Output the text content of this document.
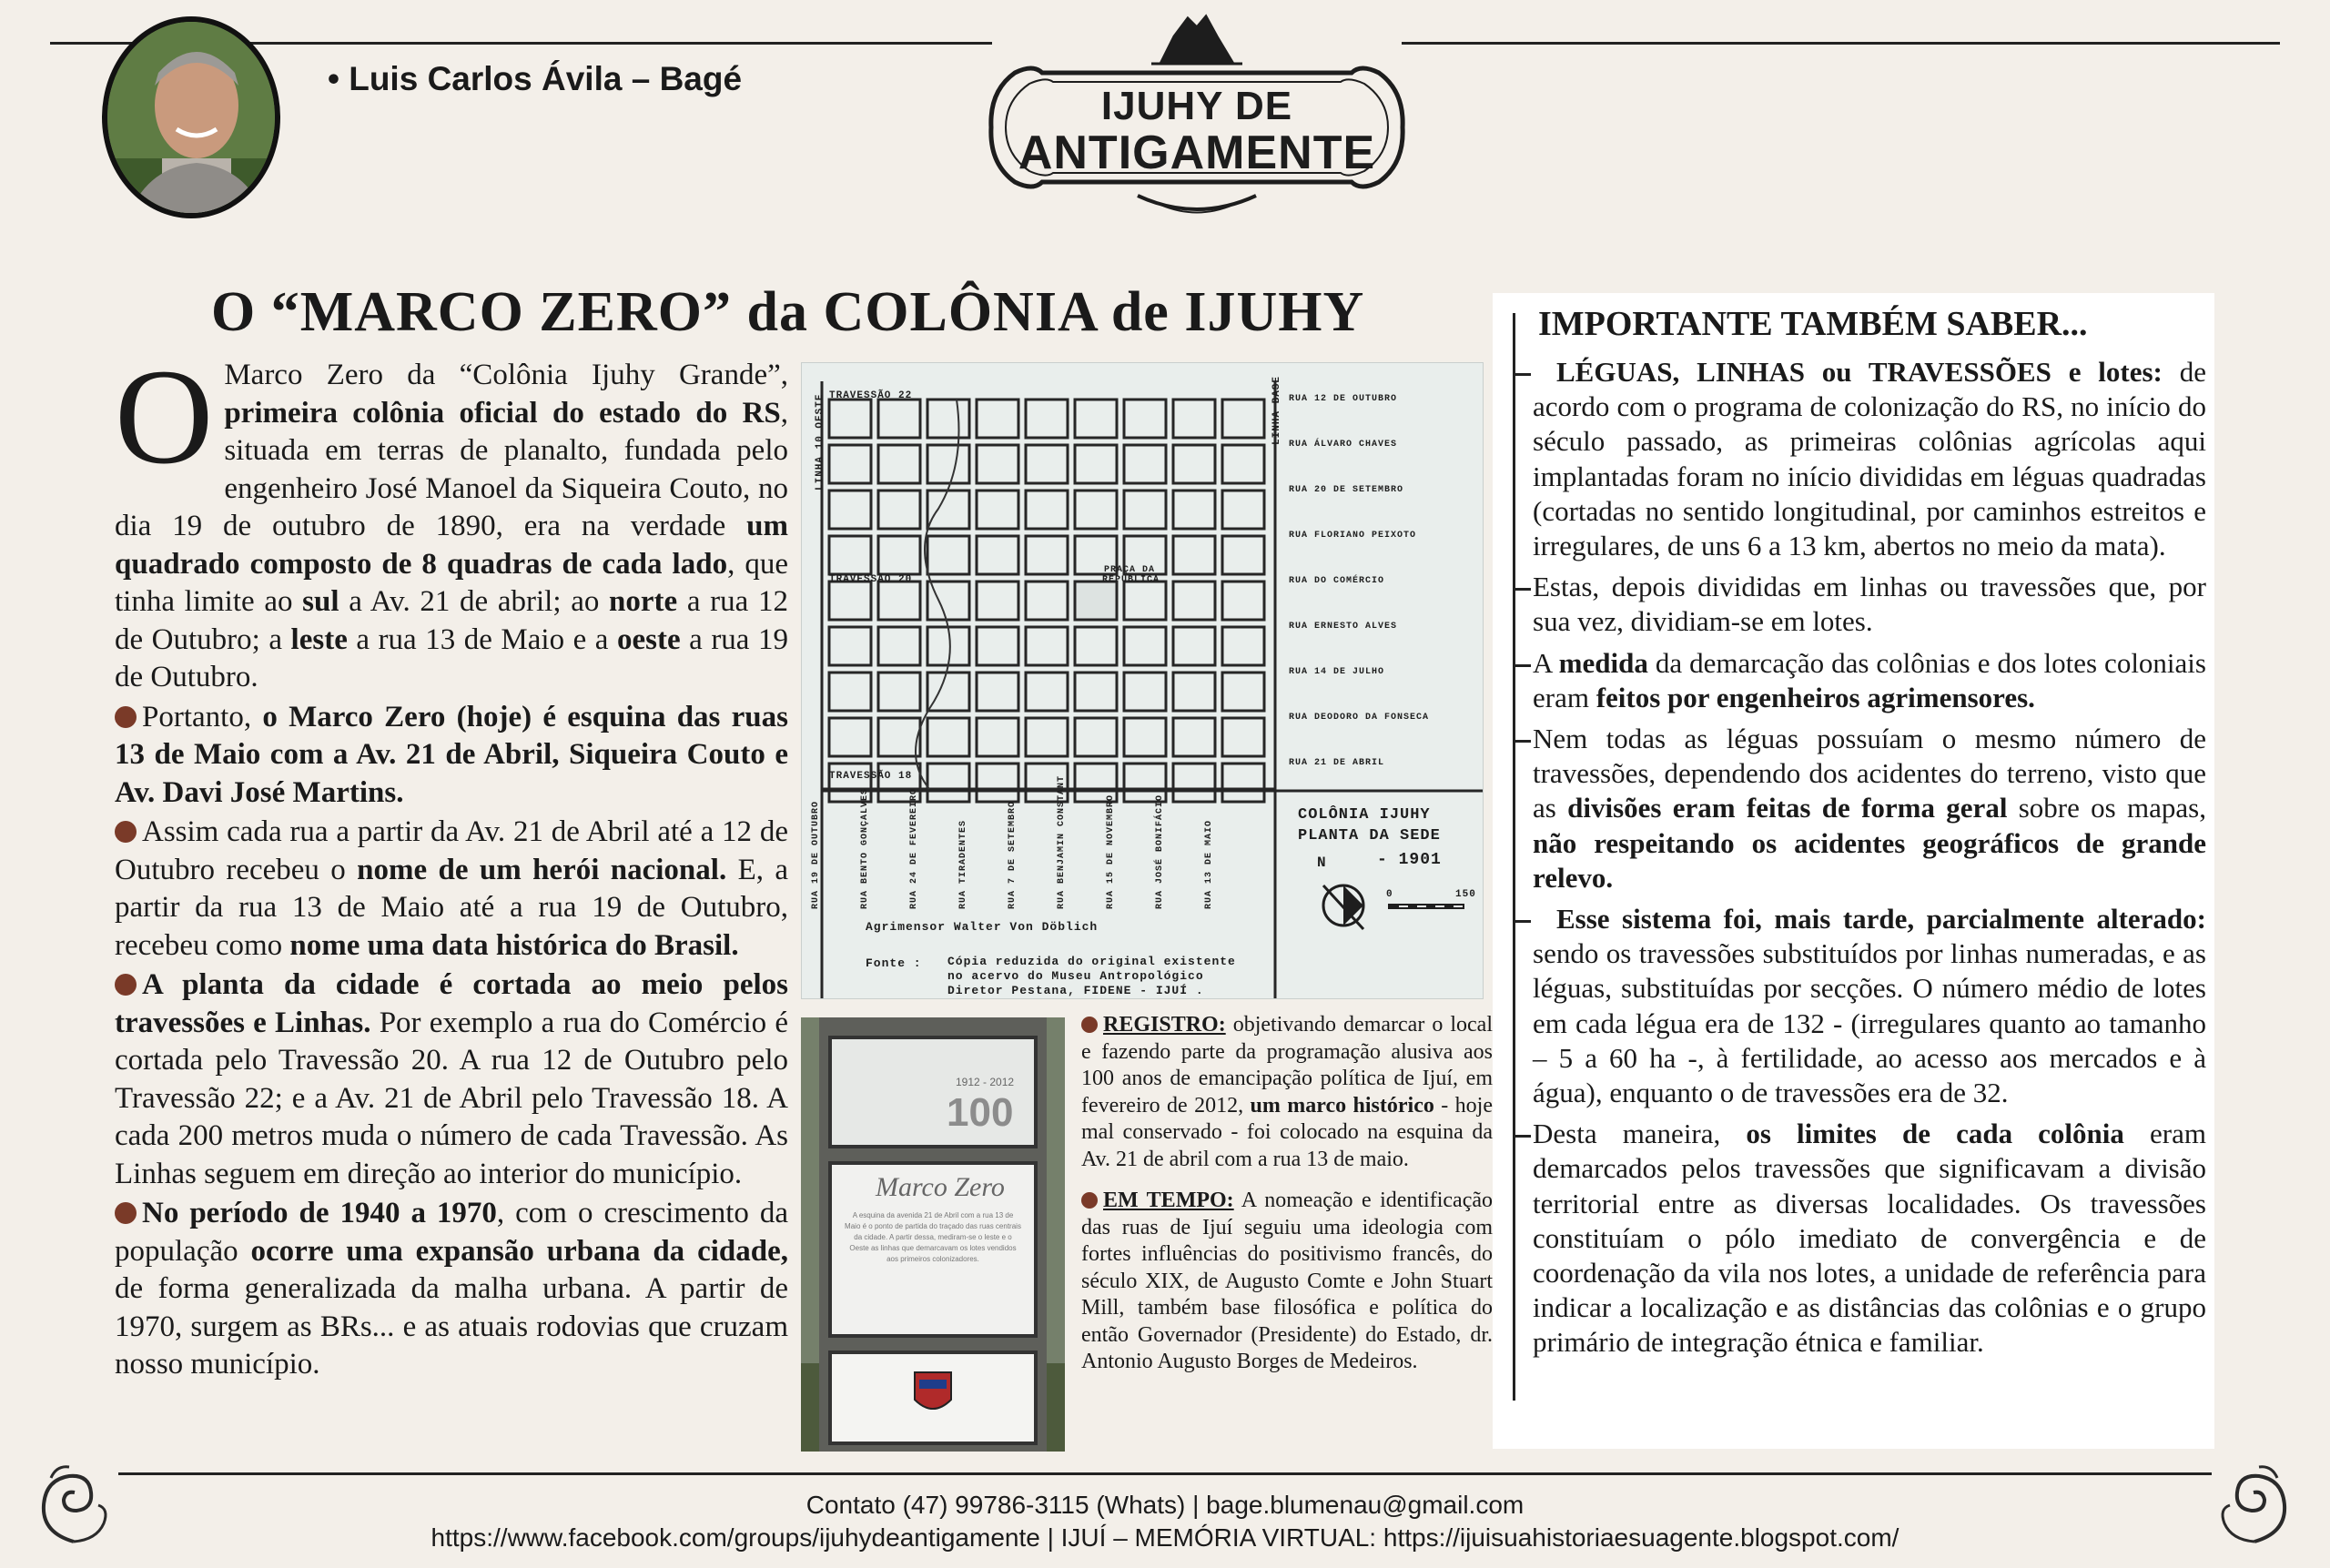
• Luis Carlos Ávila – Bagé
IJUHY DE
ANTIGAMENTE
O “MARCO ZERO” da COLÔNIA de IJUHY

O Marco Zero da “Colônia Ijuhy Grande”, primeira colônia oficial do estado do RS, situada em terras de planalto, fundada pelo engenheiro José Manoel da Siqueira Couto, no dia 19 de outubro de 1890, era na verdade um quadrado composto de 8 quadras de cada lado, que tinha limite ao sul a Av. 21 de abril; ao norte a rua 12 de Outubro; a leste a rua 13 de Maio e a oeste a rua 19 de Outubro.

Portanto, o Marco Zero (hoje) é esquina das ruas 13 de Maio com a Av. 21 de Abril, Siqueira Couto e Av. Davi José Martins.

Assim cada rua a partir da Av. 21 de Abril até a 12 de Outubro recebeu o nome de um herói nacional. E, a partir da rua 13 de Maio até a rua 19 de Outubro, recebeu como nome uma data histórica do Brasil.

A planta da cidade é cortada ao meio pelos travessões e Linhas. Por exemplo a rua do Comércio é cortada pelo Travessão 20. A rua 12 de Outubro pelo Travessão 22; e a Av. 21 de Abril pelo Travessão 18. A cada 200 metros muda o número de cada Travessão. As Linhas seguem em direção ao interior do município.

No período de 1940 a 1970, com o crescimento da população ocorre uma expansão urbana da cidade, de forma generalizada da malha urbana. A partir de 1970, surgem as BRs... e as atuais rodovias que cruzam nosso município.

TRAVESSÃO 22
TRAVESSÃO 20
TRAVESSÃO 18
LINHA 10 OESTE	LINHA BASE
PRAÇA DA REPÚBLICA
RUA 12 DE OUTUBRO
RUA ÁLVARO CHAVES
RUA 20 DE SETEMBRO
RUA FLORIANO PEIXOTO
RUA DO COMÉRCIO
RUA ERNESTO ALVES
RUA 14 DE JULHO
RUA DEODORO DA FONSECA
RUA 21 DE ABRIL
RUA 19 DE OUTUBRO	RUA BENTO GONÇALVES	RUA 24 DE FEVEREIRO	RUA TIRADENTES	RUA 7 DE SETEMBRO	RUA BENJAMIN CONSTANT	RUA 15 DE NOVEMBRO	RUA JOSÉ BONIFÁCIO	RUA 13 DE MAIO
COLÔNIA IJUHY
PLANTA DA SEDE
- 1901
N
0	150
Agrimensor Walter Von Döblich
Fonte : Cópia reduzida do original existente
no acervo do Museu Antropológico
Diretor Pestana, FIDENE - IJUÍ .
1912 - 2012
100
Marco Zero
A esquina da avenida 21 de Abril com a rua 13 de Maio é o ponto de partida do traçado das ruas centrais da cidade. A partir dessa, mediram-se o leste e o Oeste as linhas que demarcavam os lotes vendidos aos primeiros colonizadores.

REGISTRO: objetivando demarcar o local e fazendo parte da programação alusiva aos 100 anos de emancipação política de Ijuí, em fevereiro de 2012, um marco histórico - hoje mal conservado - foi colocado na esquina da Av. 21 de abril com a rua 13 de maio.

EM TEMPO: A nomeação e identificação das ruas de Ijuí seguiu uma ideologia com fortes influências do positivismo francês, do século XIX, de Augusto Comte e John Stuart Mill, também base filosófica e política do então Governador (Presidente) do Estado, dr. Antonio Augusto Borges de Medeiros.

IMPORTANTE TAMBÉM SABER...

LÉGUAS, LINHAS ou TRAVESSÕES e lotes: de acordo com o programa de colonização do RS, no início do século passado, as primeiras colônias agrícolas aqui implantadas foram no início divididas em léguas quadradas (cortadas no sentido longitudinal, por caminhos estreitos e irregulares, de uns 6 a 13 km, abertos no meio da mata).

Estas, depois divididas em linhas ou travessões que, por sua vez, dividiam-se em lotes.

A medida da demarcação das colônias e dos lotes coloniais eram feitos por engenheiros agrimensores.

Nem todas as léguas possuíam o mesmo número de travessões, dependendo dos acidentes do terreno, visto que as divisões eram feitas de forma geral sobre os mapas, não respeitando os acidentes geográficos de grande relevo.

Esse sistema foi, mais tarde, parcialmente alterado: sendo os travessões substituídos por linhas numeradas, e as léguas, substituídas por secções. O número médio de lotes em cada légua era de 132 - (irregulares quanto ao tamanho – 5 a 60 ha -, à fertilidade, ao acesso aos mercados e à água), enquanto o de travessões era de 32.

Desta maneira, os limites de cada colônia eram demarcados pelos travessões que significavam a divisão territorial entre as diversas localidades. Os travessões constituíam o pólo imediato de convergência e de coordenação da vila nos lotes, a unidade de referência para indicar a localização e as distâncias das colônias e o grupo primário de integração étnica e familiar.

Contato (47) 99786-3115 (Whats) | bage.blumenau@gmail.com
https://www.facebook.com/groups/ijuhydeantigamente | IJUÍ – MEMÓRIA VIRTUAL: https://ijuisuahistoriaesuagente.blogspot.com/
